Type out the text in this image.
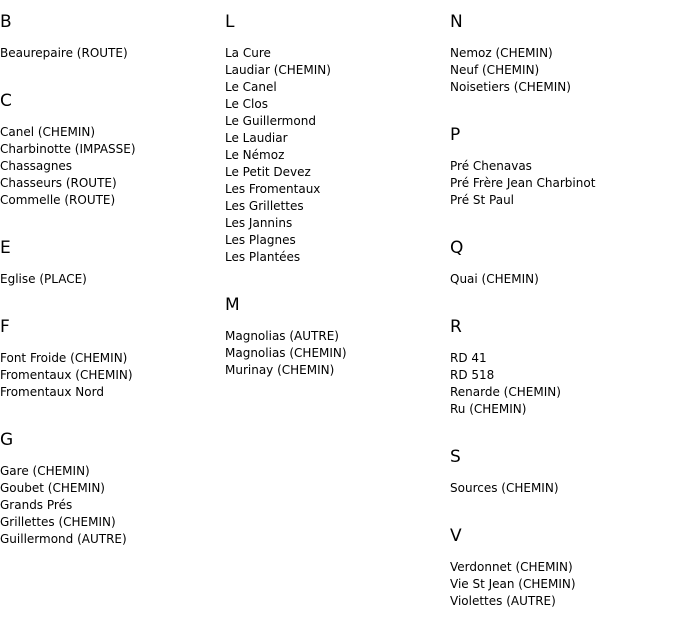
B
Beaurepaire (ROUTE)
C
Canel (CHEMIN)
Charbinotte (IMPASSE)
Chassagnes
Chasseurs (ROUTE)
Commelle (ROUTE)
E
Eglise (PLACE)
F
Font Froide (CHEMIN)
Fromentaux (CHEMIN)
Fromentaux Nord
G
Gare (CHEMIN)
Goubet (CHEMIN)
Grands Prés
Grillettes (CHEMIN)
Guillermond (AUTRE)
L
La Cure
Laudiar (CHEMIN)
Le Canel
Le Clos
Le Guillermond
Le Laudiar
Le Némoz
Le Petit Devez
Les Fromentaux
Les Grillettes
Les Jannins
Les Plagnes
Les Plantées
M
Magnolias (AUTRE)
Magnolias (CHEMIN)
Murinay (CHEMIN)
N
Nemoz (CHEMIN)
Neuf (CHEMIN)
Noisetiers (CHEMIN)
P
Pré Chenavas
Pré Frère Jean Charbinot
Pré St Paul
Q
Quai (CHEMIN)
R
RD 41
RD 518
Renarde (CHEMIN)
Ru (CHEMIN)
S
Sources (CHEMIN)
V
Verdonnet (CHEMIN)
Vie St Jean (CHEMIN)
Violettes (AUTRE)
